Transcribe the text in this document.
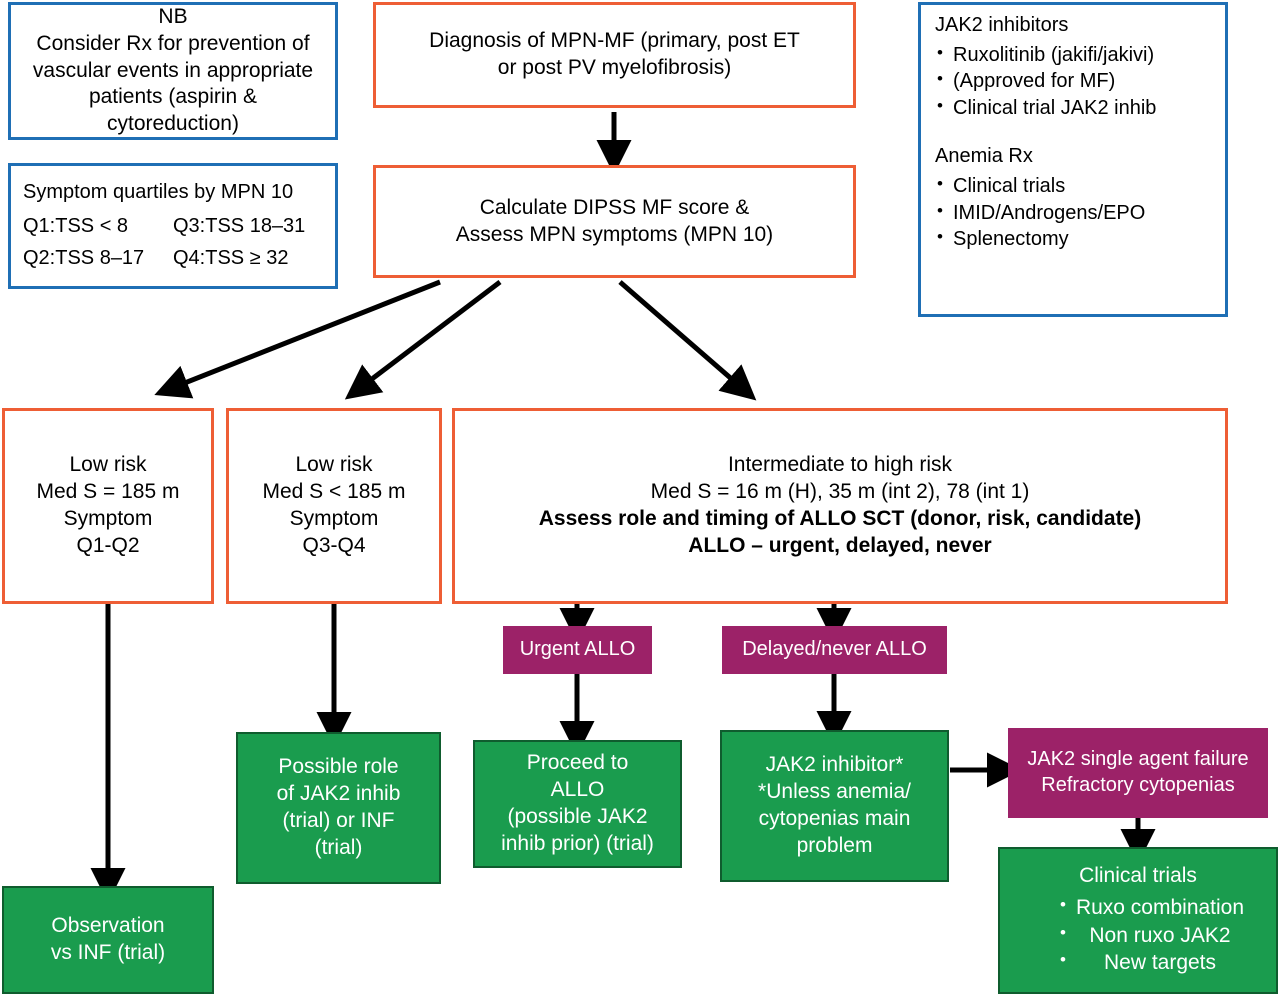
NB
Consider Rx for prevention of
vascular events in appropriate
patients (aspirin & cytoreduction)
Symptom quartiles by MPN 10
Q1:TSS < 8	Q3:TSS 18–31
Q2:TSS 8–17	Q4:TSS ≥ 32
Diagnosis of MPN-MF (primary, post ET
or post PV myelofibrosis)
Calculate DIPSS MF score &
Assess MPN symptoms (MPN 10)
JAK2 inhibitors
• Ruxolitinib (jakifi/jakivi)
• (Approved for MF)
• Clinical trial JAK2 inhib
Anemia Rx
• Clinical trials
• IMID/Androgens/EPO
• Splenectomy
Low risk
Med S = 185 m
Symptom
Q1-Q2
Low risk
Med S < 185 m
Symptom
Q3-Q4
Intermediate to high risk
Med S = 16 m (H), 35 m (int 2), 78 (int 1)
Assess role and timing of ALLO SCT (donor, risk, candidate)
ALLO – urgent, delayed, never
Urgent ALLO	Delayed/never ALLO
Observation
vs INF (trial)
Possible role
of JAK2 inhib
(trial) or INF
(trial)
Proceed to
ALLO
(possible JAK2
inhib prior) (trial)
JAK2 inhibitor*
*Unless anemia/
cytopenias main
problem
JAK2 single agent failure
Refractory cytopenias
Clinical trials
• Ruxo combination
• Non ruxo JAK2
• New targets
